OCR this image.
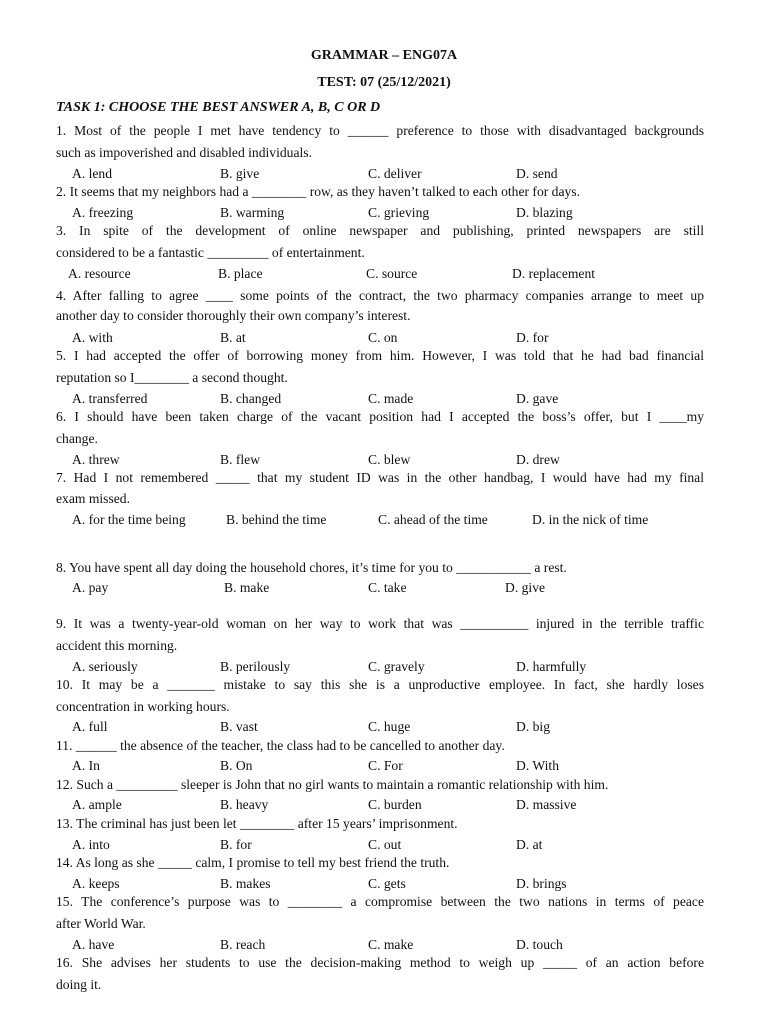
GRAMMAR – ENG07A
TEST: 07 (25/12/2021)
TASK 1: CHOOSE THE BEST ANSWER A, B, C OR D
1. Most of the people I met have tendency to ______ preference to those with disadvantaged backgrounds
such as impoverished and disabled individuals.
A. lend	B. give	C. deliver	D. send
2. It seems that my neighbors had a ________ row, as they haven’t talked to each other for days.
A. freezing	B. warming	C. grieving	D. blazing
3. In spite of the development of online newspaper and publishing, printed newspapers are still
considered to be a fantastic _________ of entertainment.
A. resource	B. place	C. source	D. replacement
4. After falling to agree ____ some points of the contract, the two pharmacy companies arrange to meet up
another day to consider thoroughly their own company’s interest.
A. with	B. at	C. on	D. for
5. I had accepted the offer of borrowing money from him. However, I was told that he had bad financial
reputation so I________ a second thought.
A. transferred	B. changed	C. made	D. gave
6. I should have been taken charge of the vacant position had I accepted the boss’s offer, but I ____my
change.
A. threw	B. flew	C. blew	D. drew
7. Had I not remembered _____ that my student ID was in the other handbag, I would have had my final
exam missed.
A. for the time being	B. behind the time	C. ahead of the time	D. in the nick of time
8. You have spent all day doing the household chores, it’s time for you to ___________ a rest.
A. pay	B. make	C. take	D. give
9. It was a twenty-year-old woman on her way to work that was __________ injured in the terrible traffic
accident this morning.
A. seriously	B. perilously	C. gravely	D. harmfully
10. It may be a _______ mistake to say this she is a unproductive employee. In fact, she hardly loses
concentration in working hours.
A. full	B. vast	C. huge	D. big
11. ______ the absence of the teacher, the class had to be cancelled to another day.
A. In	B. On	C. For	D. With
12. Such a _________ sleeper is John that no girl wants to maintain a romantic relationship with him.
A. ample	B. heavy	C. burden	D. massive
13. The criminal has just been let ________ after 15 years’ imprisonment.
A. into	B. for	C. out	D. at
14. As long as she _____ calm, I promise to tell my best friend the truth.
A. keeps	B. makes	C. gets	D. brings
15. The conference’s purpose was to ________ a compromise between the two nations in terms of peace
after World War.
A. have	B. reach	C. make	D. touch
16. She advises her students to use the decision-making method to weigh up _____ of an action before
doing it.
